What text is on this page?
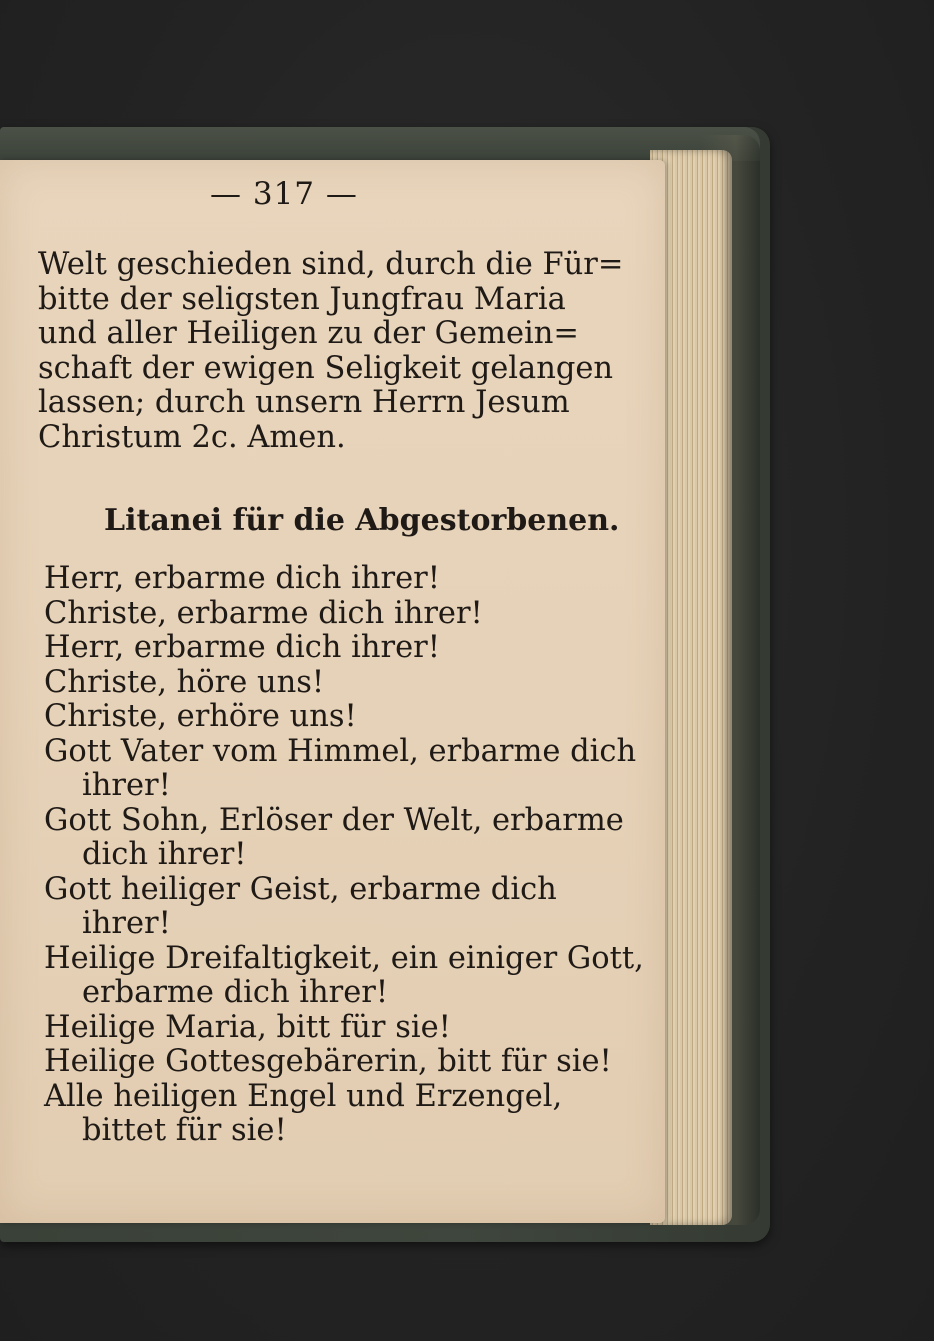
— 317 —
Welt geschieden sind, durch die Für=
bitte der seligsten Jungfrau Maria
und aller Heiligen zu der Gemein=
schaft der ewigen Seligkeit gelangen
lassen; durch unsern Herrn Jesum
Christum 2c. Amen.
Litanei für die Abgestorbenen.
Herr, erbarme dich ihrer!
Christe, erbarme dich ihrer!
Herr, erbarme dich ihrer!
Christe, höre uns!
Christe, erhöre uns!
Gott Vater vom Himmel, erbarme dich
ihrer!
Gott Sohn, Erlöser der Welt, erbarme
dich ihrer!
Gott heiliger Geist, erbarme dich
ihrer!
Heilige Dreifaltigkeit, ein einiger Gott,
erbarme dich ihrer!
Heilige Maria, bitt für sie!
Heilige Gottesgebärerin, bitt für sie!
Alle heiligen Engel und Erzengel,
bittet für sie!
